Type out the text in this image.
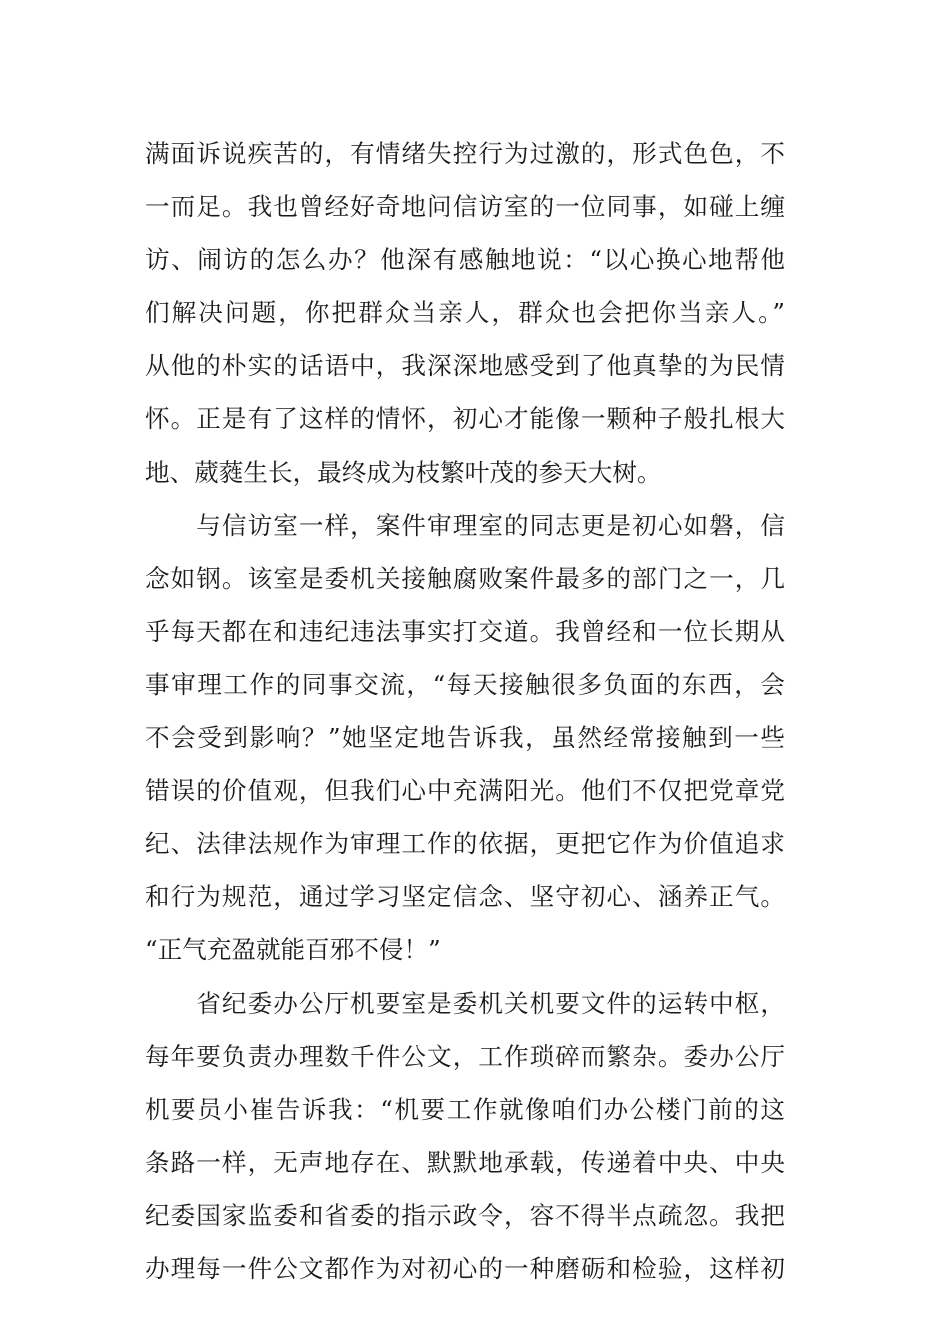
满面诉说疾苦的，有情绪失控行为过激的，形式色色，不
一而足。我也曾经好奇地问信访室的一位同事，如碰上缠
访、闹访的怎么办？他深有感触地说：“以心换心地帮他
们解决问题，你把群众当亲人，群众也会把你当亲人。”
从他的朴实的话语中，我深深地感受到了他真挚的为民情
怀。正是有了这样的情怀，初心才能像一颗种子般扎根大
地、葳蕤生长，最终成为枝繁叶茂的参天大树。
　　与信访室一样，案件审理室的同志更是初心如磐，信
念如钢。该室是委机关接触腐败案件最多的部门之一，几
乎每天都在和违纪违法事实打交道。我曾经和一位长期从
事审理工作的同事交流，“每天接触很多负面的东西，会
不会受到影响？”她坚定地告诉我，虽然经常接触到一些
错误的价值观，但我们心中充满阳光。他们不仅把党章党
纪、法律法规作为审理工作的依据，更把它作为价值追求
和行为规范，通过学习坚定信念、坚守初心、涵养正气。
“正气充盈就能百邪不侵！”
　　省纪委办公厅机要室是委机关机要文件的运转中枢，
每年要负责办理数千件公文，工作琐碎而繁杂。委办公厅
机要员小崔告诉我：“机要工作就像咱们办公楼门前的这
条路一样，无声地存在、默默地承载，传递着中央、中央
纪委国家监委和省委的指示政令，容不得半点疏忽。我把
办理每一件公文都作为对初心的一种磨砺和检验，这样初
